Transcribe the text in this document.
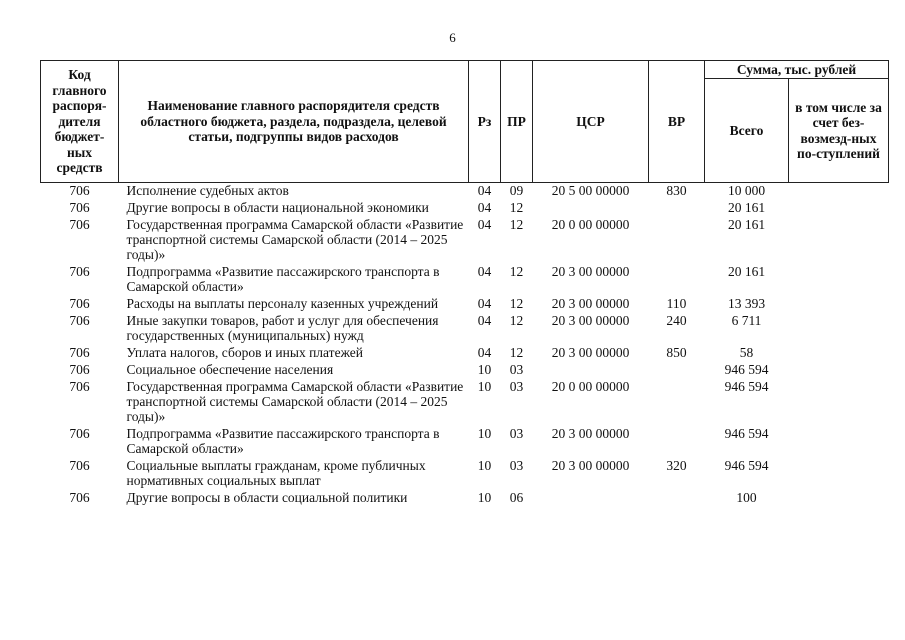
6
Код главного распоря-дителя бюджет-ных средств	Наименование главного распорядителя средств областного бюджета, раздела, подраздела, целевой статьи, подгруппы видов расходов	Рз	ПР	ЦСР	ВР	Сумма, тыс. рублей	
						Всего	в том числе за счет без-возмезд-ных по-ступлений
706	Исполнение судебных актов	04	09	20 5 00 00000	830	10 000	
706	Другие вопросы в области национальной экономики	04	12			20 161	
706	Государственная программа Самарской области «Развитие транспортной системы Самарской области (2014 – 2025 годы)»	04	12	20 0 00 00000		20 161	
706	Подпрограмма «Развитие пассажирского транспорта в Самарской области»	04	12	20 3 00 00000		20 161	
706	Расходы на выплаты персоналу казенных учреждений	04	12	20 3 00 00000	110	13 393	
706	Иные закупки товаров, работ и услуг для обеспечения государственных (муниципальных) нужд	04	12	20 3 00 00000	240	6 711	
706	Уплата налогов, сборов и иных платежей	04	12	20 3 00 00000	850	58	
706	Социальное обеспечение населения	10	03			946 594	
706	Государственная программа Самарской области «Развитие транспортной системы Самарской области (2014 – 2025 годы)»	10	03	20 0 00 00000		946 594	
706	Подпрограмма «Развитие пассажирского транспорта в Самарской области»	10	03	20 3 00 00000		946 594	
706	Социальные выплаты гражданам, кроме публичных нормативных социальных выплат	10	03	20 3 00 00000	320	946 594	
706	Другие вопросы в области социальной политики	10	06			100	
